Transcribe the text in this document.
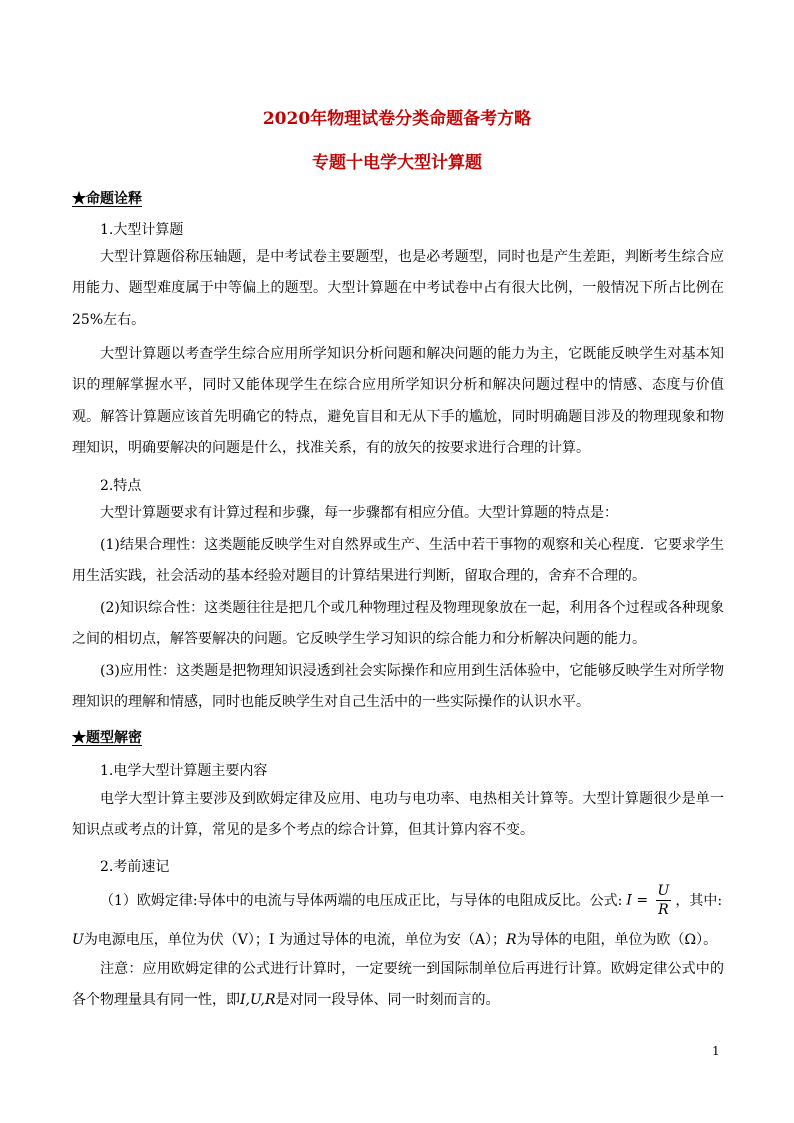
2020年物理试卷分类命题备考方略
专题十电学大型计算题
★命题诠释
1.大型计算题

大型计算题俗称压轴题，是中考试卷主要题型，也是必考题型，同时也是产生差距，判断考生综合应用能力、题型难度属于中等偏上的题型。大型计算题在中考试卷中占有很大比例，一般情况下所占比例在 25%左右。

大型计算题以考查学生综合应用所学知识分析问题和解决问题的能力为主，它既能反映学生对基本知识的理解掌握水平，同时又能体现学生在综合应用所学知识分析和解决问题过程中的情感、态度与价值观。解答计算题应该首先明确它的特点，避免盲目和无从下手的尴尬，同时明确题目涉及的物理现象和物理知识，明确要解决的问题是什么，找准关系，有的放矢的按要求进行合理的计算。

2.特点

大型计算题要求有计算过程和步骤，每一步骤都有相应分值。大型计算题的特点是：

(1)结果合理性：这类题能反映学生对自然界或生产、生活中若干事物的观察和关心程度．它要求学生用生活实践，社会活动的基本经验对题目的计算结果进行判断，留取合理的，舍弃不合理的。

(2)知识综合性：这类题往往是把几个或几种物理过程及物理现象放在一起，利用各个过程或各种现象之间的相切点，解答要解决的问题。它反映学生学习知识的综合能力和分析解决问题的能力。

(3)应用性：这类题是把物理知识浸透到社会实际操作和应用到生活体验中，它能够反映学生对所学物理知识的理解和情感，同时也能反映学生对自己生活中的一些实际操作的认识水平。

★题型解密
1.电学大型计算题主要内容

电学大型计算主要涉及到欧姆定律及应用、电功与电功率、电热相关计算等。大型计算题很少是单一知识点或考点的计算，常见的是多个考点的综合计算，但其计算内容不变。

2.考前速记
（1）欧姆定律:导体中的电流与导体两端的电压成正比，与导体的电阻成反比。公式: $I = \frac{U}{R}$ ，其中:
U为电源电压，单位为伏（V）；I 为通过导体的电流，单位为安（A）；R为导体的电阻，单位为欧（Ω）。

注意：应用欧姆定律的公式进行计算时，一定要统一到国际制单位后再进行计算。欧姆定律公式中的各个物理量具有同一性，即I,U,R是对同一段导体、同一时刻而言的。

1
